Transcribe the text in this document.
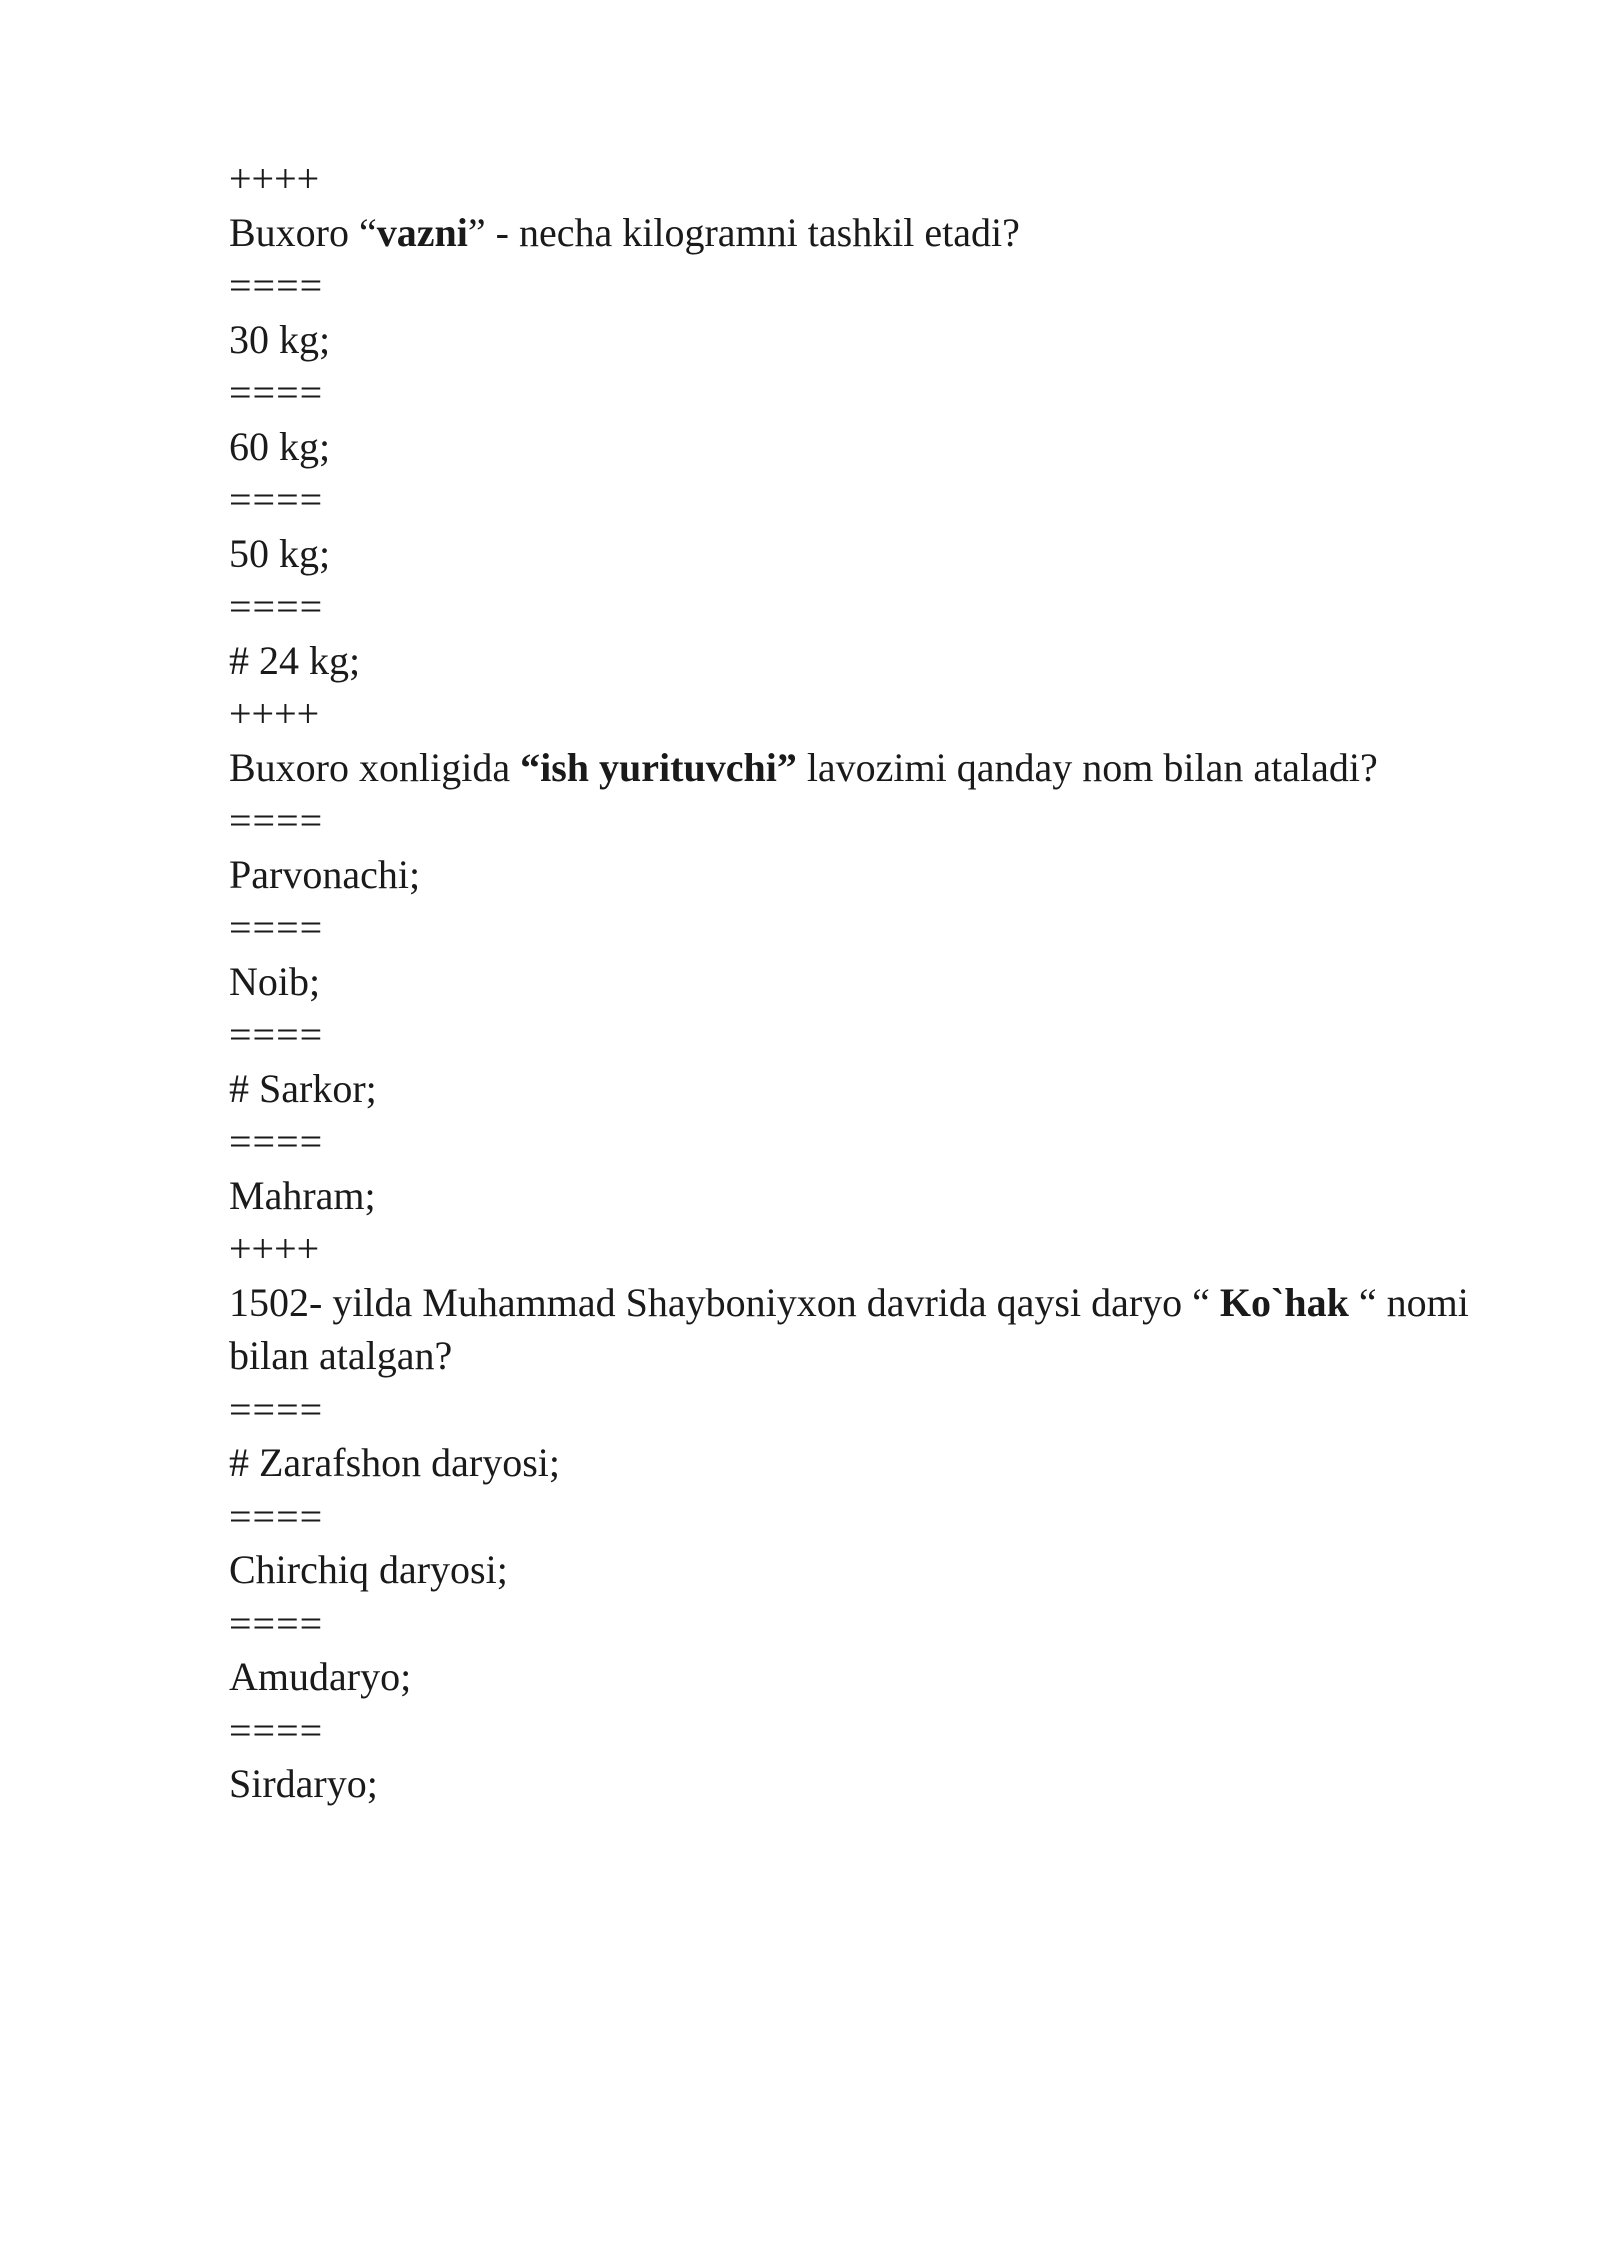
++++
Buxoro “vazni” - necha kilogramni tashkil etadi?
====
30 kg;
====
60 kg;
====
50 kg;
====
# 24 kg;
++++
Buxoro xonligida “ish yurituvchi” lavozimi qanday nom bilan ataladi?
====
Parvonachi;
====
Noib;
====
# Sarkor;
====
Mahram;
++++
1502- yilda Muhammad Shayboniyxon davrida qaysi daryo “ Ko`hak “ nomi bilan atalgan?
====
# Zarafshon daryosi;
====
Chirchiq daryosi;
====
Amudaryo;
====
Sirdaryo;
